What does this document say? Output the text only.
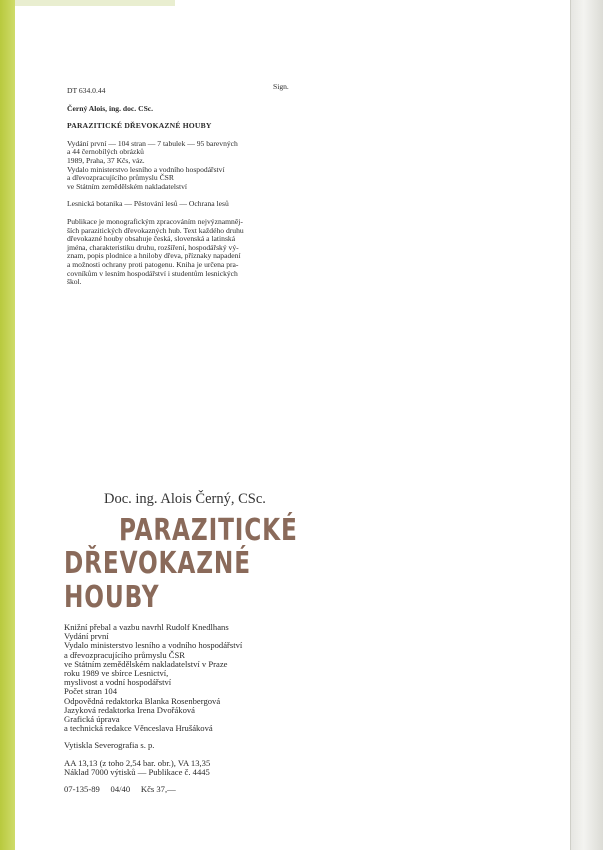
Sign.

DT 634.0.44

Černý Alois, ing. doc. CSc.

PARAZITICKÉ DŘEVOKAZNÉ HOUBY

Vydání první — 104 stran — 7 tabulek — 95 barevných

a 44 černobílých obrázků

1989, Praha, 37 Kčs, váz.

Vydalo ministerstvo lesního a vodního hospodářství

a dřevozpracujícího průmyslu ČSR

ve Státním zemědělském nakladatelství

Lesnická botanika — Pěstování lesů — Ochrana lesů

Publikace je monografickým zpracováním nejvýznamněj-

ších parazitických dřevokazných hub. Text každého druhu

dřevokazné houby obsahuje česká, slovenská a latinská

jména, charakteristiku druhu, rozšíření, hospodářský vý-

znam, popis plodnice a hniloby dřeva, příznaky napadení

a možnosti ochrany proti patogenu. Kniha je určena pra-

covníkům v lesním hospodářství i studentům lesnických

škol.

Doc. ing. Alois Černý, CSc.
PARAZITICKÉ
DŘEVOKAZNÉ HOUBY

Knižní přebal a vazbu navrhl Rudolf Knedlhans

Vydání první

Vydalo ministerstvo lesního a vodního hospodářství

a dřevozpracujícího průmyslu ČSR

ve Státním zemědělském nakladatelství v Praze

roku 1989 ve sbírce Lesnictví,

myslivost a vodní hospodářství

Počet stran 104

Odpovědná redaktorka Blanka Rosenbergová

Jazyková redaktorka Irena Dvořáková

Grafická úprava

a technická redakce Věnceslava Hrušáková

Vytiskla Severografia s. p.

AA 13,13 (z toho 2,54 bar. obr.), VA 13,35

Náklad 7000 výtisků — Publikace č. 4445

07-135-89     04/40     Kčs 37,—
